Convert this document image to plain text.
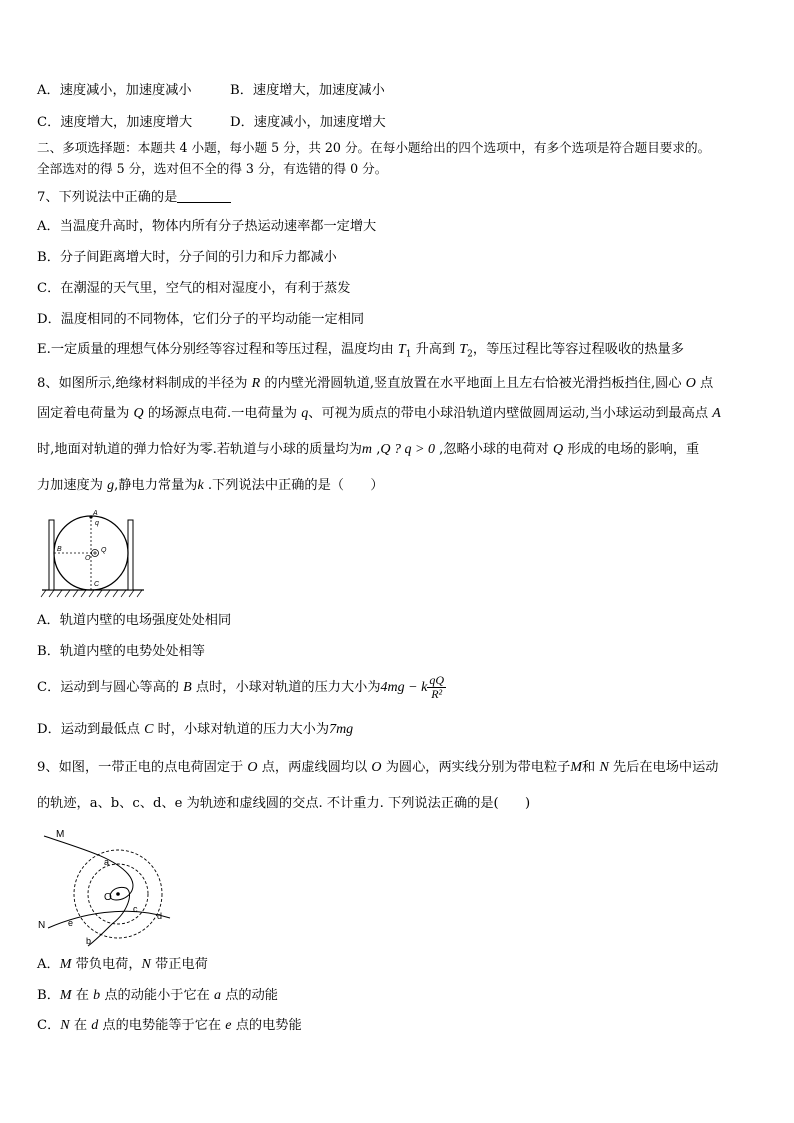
A．速度减小，加速度减小	B．速度增大，加速度减小
C．速度增大，加速度增大	D．速度减小，加速度增大
二、多项选择题：本题共 4 小题，每小题 5 分，共 20 分。在每小题给出的四个选项中，有多个选项是符合题目要求的。
全部选对的得 5 分，选对但不全的得 3 分，有选错的得 0 分。
7、下列说法中正确的是
A．当温度升高时，物体内所有分子热运动速率都一定增大
B．分子间距离增大时，分子间的引力和斥力都减小
C．在潮湿的天气里，空气的相对湿度小，有利于蒸发
D．温度相同的不同物体，它们分子的平均动能一定相同
E.一定质量的理想气体分别经等容过程和等压过程，温度均由 $T_1$ 升高到 $T_2$，等压过程比等容过程吸收的热量多
8、如图所示,绝缘材料制成的半径为 R 的内壁光滑圆轨道,竖直放置在水平地面上且左右恰被光滑挡板挡住,圆心 O 点
固定着电荷量为 Q 的场源点电荷.一电荷量为 q、可视为质点的带电小球沿轨道内壁做圆周运动,当小球运动到最高点 A
时,地面对轨道的弹力恰好为零.若轨道与小球的质量均为m ,Q ? q > 0 ,忽略小球的电荷对 Q 形成的电场的影响，重
力加速度为 g,静电力常量为k .下列说法中正确的是（　　）
A
q
B	Q
O
C
A．轨道内壁的电场强度处处相同
B．轨道内壁的电势处处相等
C．运动到与圆心等高的 B 点时，小球对轨道的压力大小为4mg − k $\frac{qQ}{\text{R²}}$
D．运动到最低点 C 时，小球对轨道的压力大小为7mg
9、如图，一带正电的点电荷固定于 O 点，两虚线圆均以 O 为圆心，两实线分别为带电粒子M和 N 先后在电场中运动
的轨迹，a、b、c、d、e 为轨迹和虚线圆的交点. 不计重力. 下列说法正确的是(　　)
M
a
O
c
d
N	e
b
A．M 带负电荷，N 带正电荷
B．M 在 b 点的动能小于它在 a 点的动能
C．N 在 d 点的电势能等于它在 e 点的电势能
